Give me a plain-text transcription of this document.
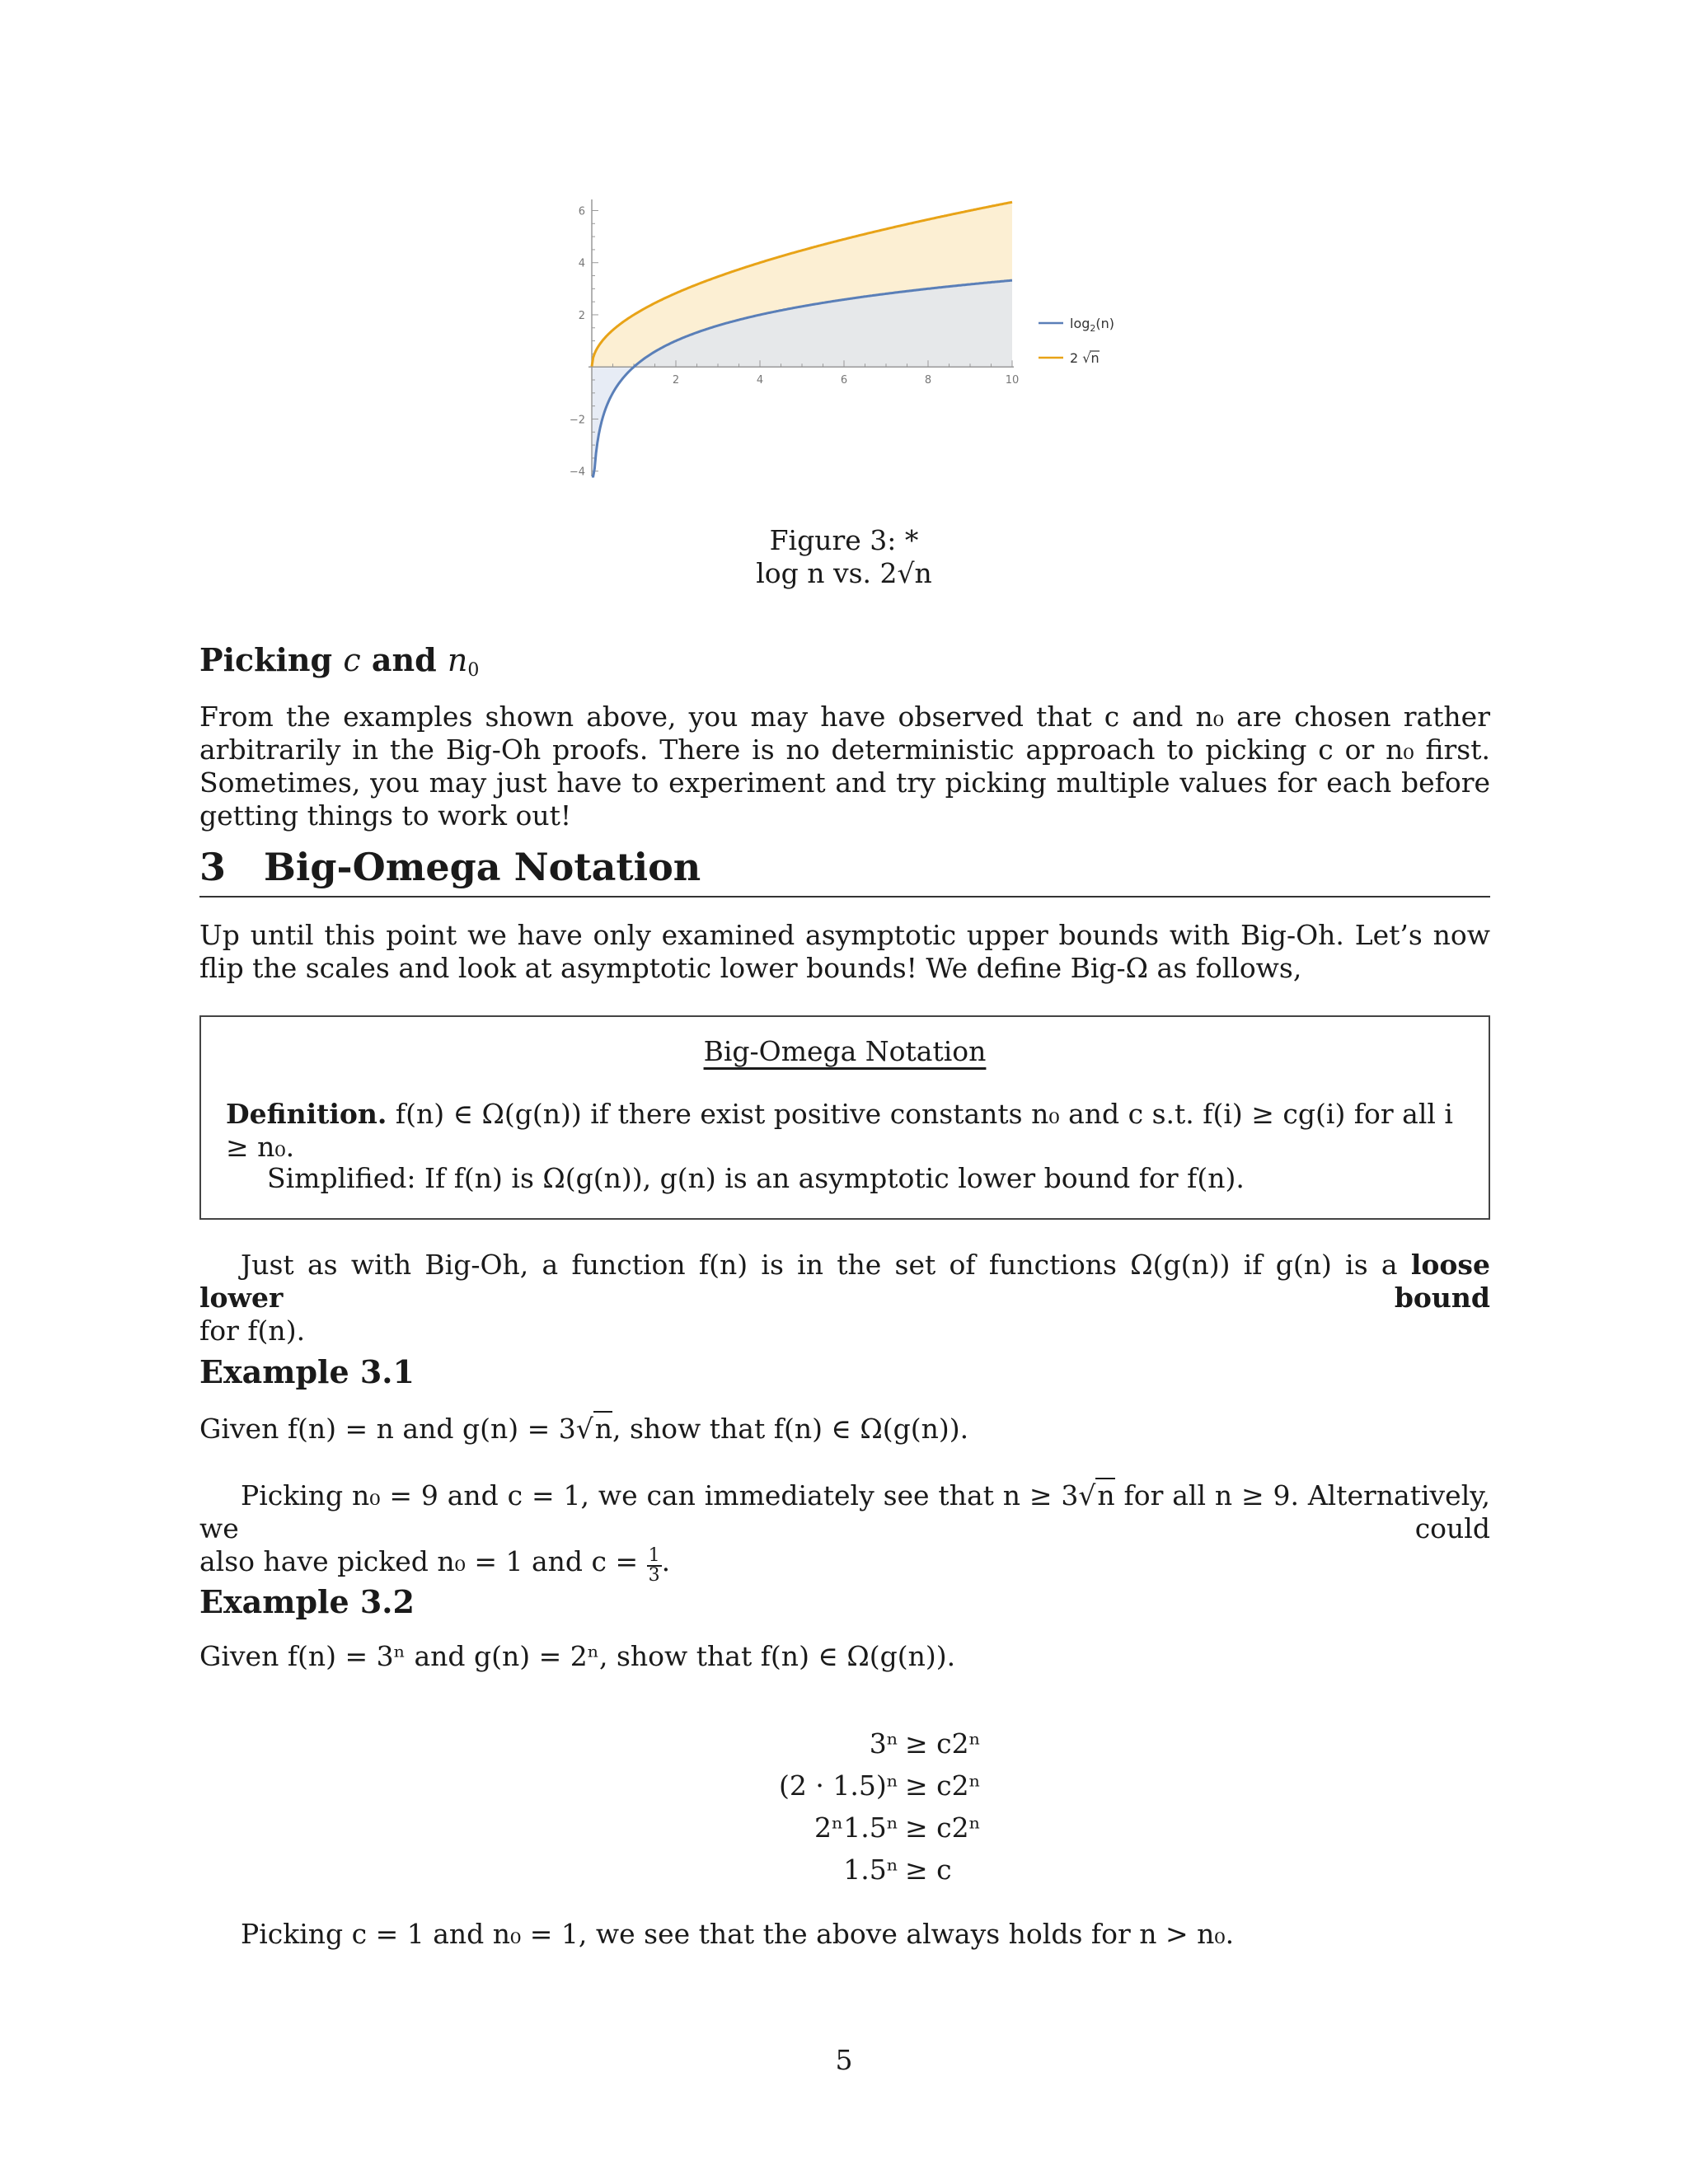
2	4	6	8	10
6
4
2
−2
−4
$\log_2(n)$
2 √n
Figure 3: *
log n vs. 2√n
Picking c and $n_0$
From the examples shown above, you may have observed that c and n₀ are chosen rather arbitrarily in the Big-Oh proofs. There is no deterministic approach to picking c or n₀ first. Sometimes, you may just have to experiment and try picking multiple values for each before getting things to work out!
3 Big-Omega Notation
Up until this point we have only examined asymptotic upper bounds with Big-Oh. Let’s now flip the scales and look at asymptotic lower bounds! We define Big-Ω as follows,
Big-Omega Notation
Definition. f(n) ∈ Ω(g(n)) if there exist positive constants n₀ and c s.t. f(i) ≥ cg(i) for all i ≥ n₀.
Simplified: If f(n) is Ω(g(n)), g(n) is an asymptotic lower bound for f(n).
Just as with Big-Oh, a function f(n) is in the set of functions Ω(g(n)) if g(n) is a loose lower bound
for f(n).
Example 3.1
Given f(n) = n and g(n) = 3√n, show that f(n) ∈ Ω(g(n)).
Picking n₀ = 9 and c = 1, we can immediately see that n ≥ 3√n for all n ≥ 9. Alternatively, we could
also have picked n₀ = 1 and $c = \frac{1}{3}$ .
Example 3.2
Given f(n) = 3ⁿ and g(n) = 2ⁿ, show that f(n) ∈ Ω(g(n)).
3ⁿ ≥ c2ⁿ
(2 · 1.5)ⁿ ≥ c2ⁿ
2ⁿ1.5ⁿ ≥ c2ⁿ
1.5ⁿ ≥ c
Picking c = 1 and n₀ = 1, we see that the above always holds for n > n₀.
5
